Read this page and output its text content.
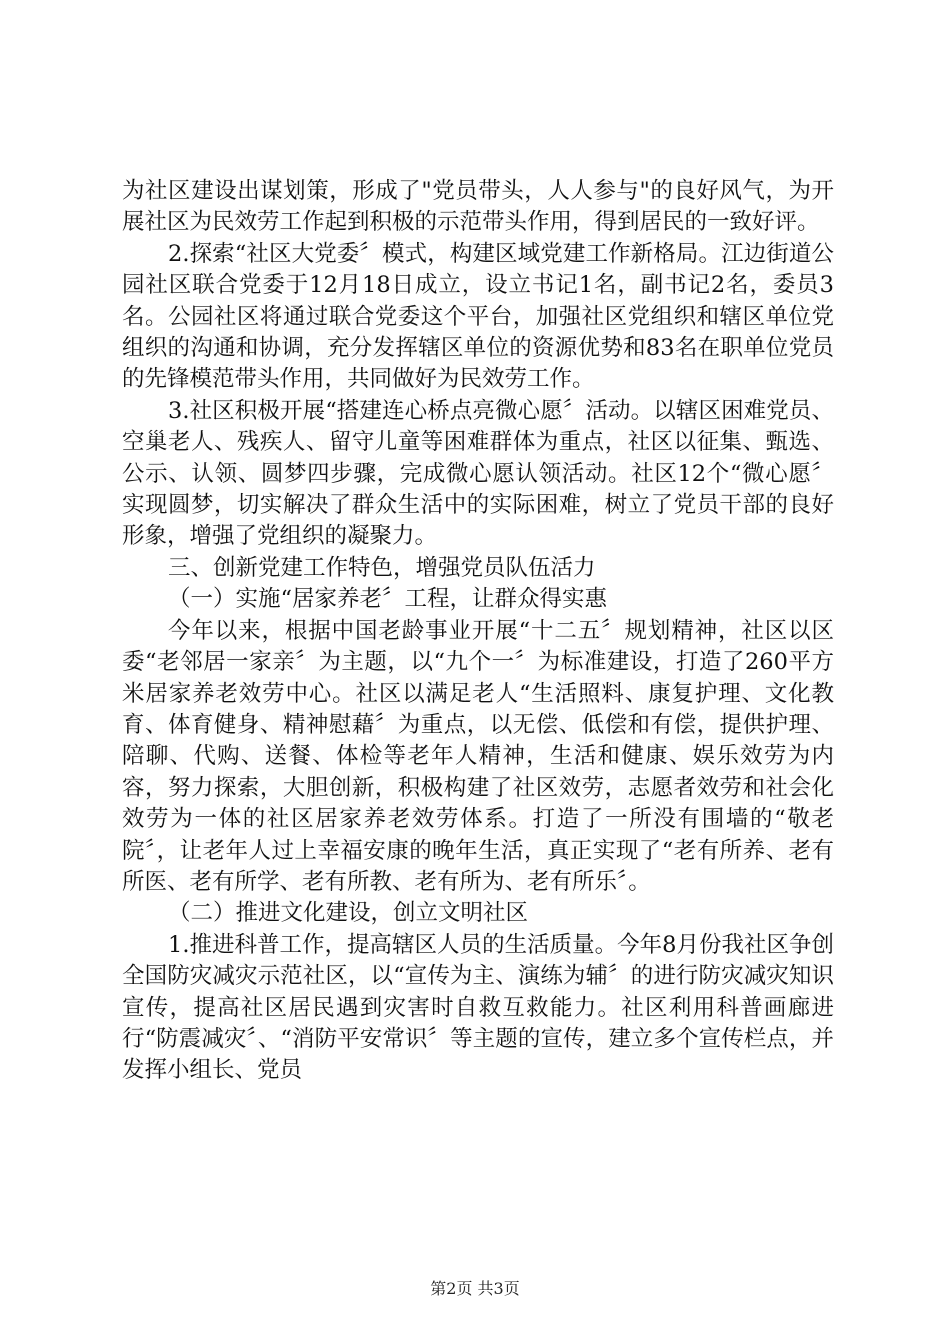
为社区建设出谋划策，形成了"党员带头，人人参与"的良好风气，为开展社区为民效劳工作起到积极的示范带头作用，得到居民的一致好评。

2.探索“社区大党委〞模式，构建区域党建工作新格局。江边街道公园社区联合党委于12月18日成立，设立书记1名，副书记2名，委员3名。公园社区将通过联合党委这个平台，加强社区党组织和辖区单位党组织的沟通和协调，充分发挥辖区单位的资源优势和83名在职单位党员的先锋模范带头作用，共同做好为民效劳工作。

3.社区积极开展“搭建连心桥点亮微心愿〞活动。以辖区困难党员、空巢老人、残疾人、留守儿童等困难群体为重点，社区以征集、甄选、公示、认领、圆梦四步骤，完成微心愿认领活动。社区12个“微心愿〞实现圆梦，切实解决了群众生活中的实际困难，树立了党员干部的良好形象，增强了党组织的凝聚力。

三、创新党建工作特色，增强党员队伍活力

（一）实施“居家养老〞工程，让群众得实惠

今年以来，根据中国老龄事业开展“十二五〞规划精神，社区以区委“老邻居一家亲〞为主题，以“九个一〞为标准建设，打造了260平方米居家养老效劳中心。社区以满足老人“生活照料、康复护理、文化教育、体育健身、精神慰藉〞为重点，以无偿、低偿和有偿，提供护理、陪聊、代购、送餐、体检等老年人精神，生活和健康、娱乐效劳为内容，努力探索，大胆创新，积极构建了社区效劳，志愿者效劳和社会化效劳为一体的社区居家养老效劳体系。打造了一所没有围墙的“敬老院〞，让老年人过上幸福安康的晚年生活，真正实现了“老有所养、老有所医、老有所学、老有所教、老有所为、老有所乐〞。

（二）推进文化建设，创立文明社区

1.推进科普工作，提高辖区人员的生活质量。今年8月份我社区争创全国防灾减灾示范社区，以“宣传为主、演练为辅〞的进行防灾减灾知识宣传，提高社区居民遇到灾害时自救互救能力。社区利用科普画廊进行“防震减灾〞、“消防平安常识〞等主题的宣传，建立多个宣传栏点，并发挥小组长、党员

第2页 共3页
